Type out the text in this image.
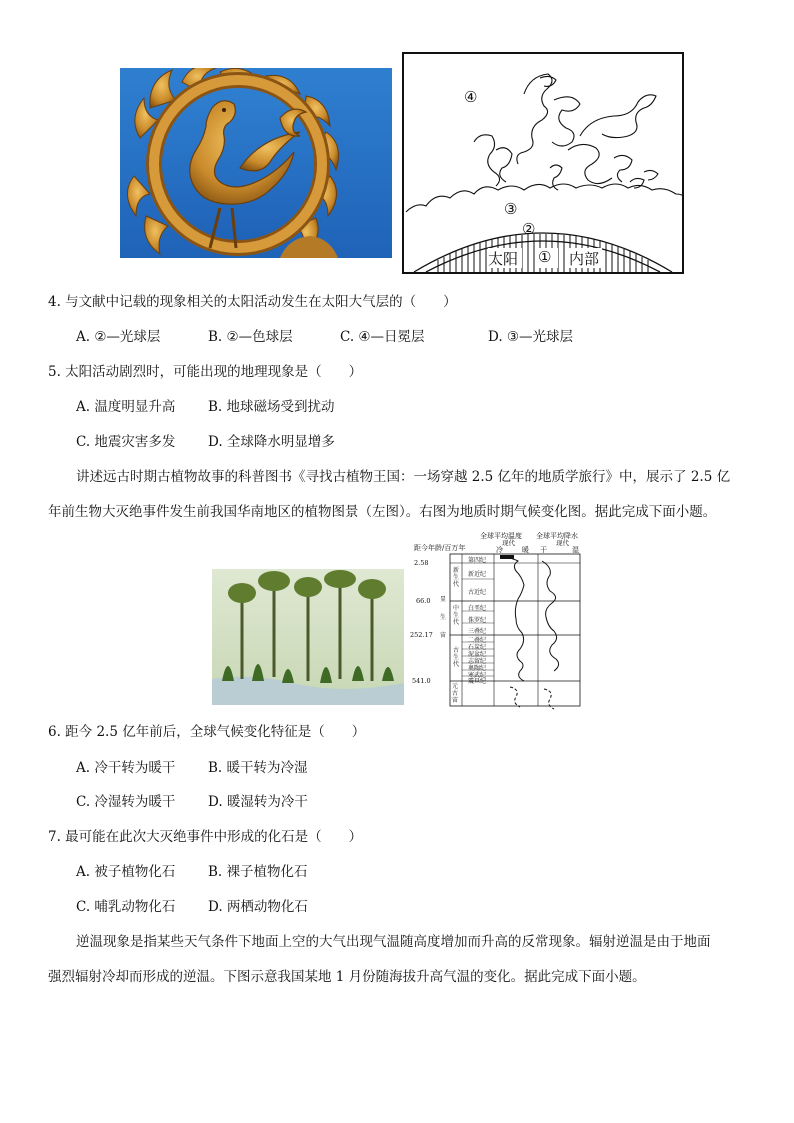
太阳 ① 内部
②
③
④
4. 与文献中记载的现象相关的太阳活动发生在太阳大气层的（　　）
A. ②—光球层	B. ②—色球层	C. ④—日冕层	D. ③—光球层
5. 太阳活动剧烈时，可能出现的地理现象是（　　）
A. 温度明显升高 B. 地球磁场受到扰动
C. 地震灾害多发 D. 全球降水明显增多
讲述远古时期古植物故事的科普图书《寻找古植物王国：一场穿越 2.5 亿年的地质学旅行》中，展示了 2.5 亿
年前生物大灭绝事件发生前我国华南地区的植物图景（左图）。右图为地质时期气候变化图。据此完成下面小题。
全球平均温度 全球平均降水
现代	现代
距今年龄/百万年	冷	暖 干	湿
2.58
66.0
252.17
541.0
新生代
中生代
古生代
元古宙
显生宙
第四纪
新近纪
古近纪
白垩纪
侏罗纪
三叠纪
二叠纪
石炭纪
泥盆纪
志留纪
奥陶纪
寒武纪
震旦纪
6. 距今 2.5 亿年前后，全球气候变化特征是（　　）
A. 冷干转为暖干 B. 暖干转为冷湿
C. 冷湿转为暖干 D. 暖湿转为冷干
7. 最可能在此次大灭绝事件中形成的化石是（　　）
A. 被子植物化石 B. 裸子植物化石
C. 哺乳动物化石 D. 两栖动物化石
逆温现象是指某些天气条件下地面上空的大气出现气温随高度增加而升高的反常现象。辐射逆温是由于地面
强烈辐射冷却而形成的逆温。下图示意我国某地 1 月份随海拔升高气温的变化。据此完成下面小题。
